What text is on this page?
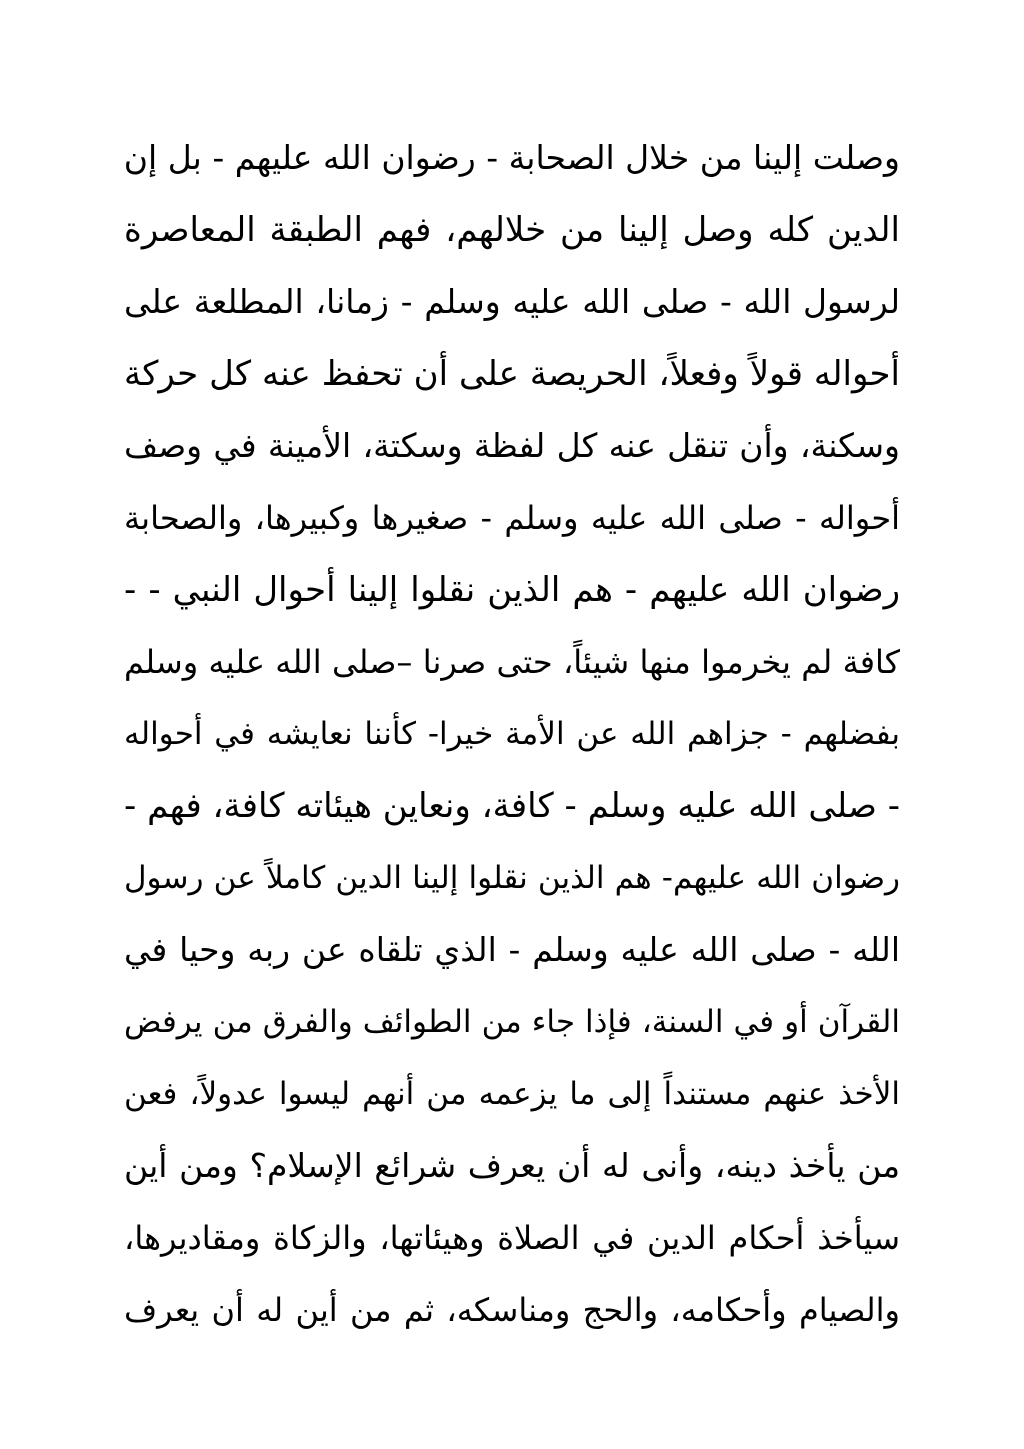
وصلت إلينا من خلال الصحابة - رضوان الله عليهم - بل إن
الدين كله وصل إلينا من خلالهم، فهم الطبقة المعاصرة
لرسول الله - صلى الله عليه وسلم - زمانا، المطلعة على
أحواله قولاً وفعلاً، الحريصة على أن تحفظ عنه كل حركة
وسكنة، وأن تنقل عنه كل لفظة وسكتة، الأمينة في وصف
أحواله - صلى الله عليه وسلم - صغيرها وكبيرها، والصحابة
رضوان الله عليهم - هم الذين نقلوا إلينا أحوال النبي - -
كافة لم يخرموا منها شيئاً، حتى صرنا –صلى الله عليه وسلم
بفضلهم - جزاهم الله عن الأمة خيرا- كأننا نعايشه في أحواله
- صلى الله عليه وسلم - كافة، ونعاين هيئاته كافة، فهم -
رضوان الله عليهم- هم الذين نقلوا إلينا الدين كاملاً عن رسول
الله - صلى الله عليه وسلم - الذي تلقاه عن ربه وحيا في
القرآن أو في السنة، فإذا جاء من الطوائف والفرق من يرفض
الأخذ عنهم مستنداً إلى ما يزعمه من أنهم ليسوا عدولاً، فعن
من يأخذ دينه، وأنى له أن يعرف شرائع الإسلام؟ ومن أين
سيأخذ أحكام الدين في الصلاة وهيئاتها، والزكاة ومقاديرها،
والصيام وأحكامه، والحج ومناسكه، ثم من أين له أن يعرف
